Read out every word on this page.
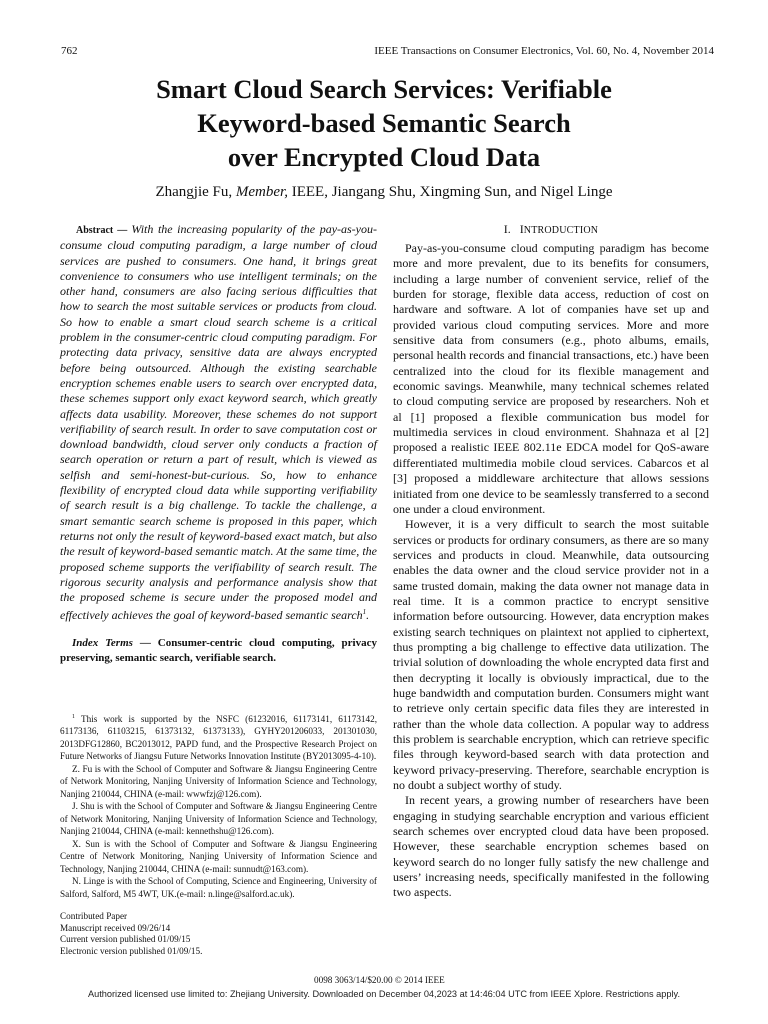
762	IEEE Transactions on Consumer Electronics, Vol. 60, No. 4, November 2014
Smart Cloud Search Services: Verifiable
Keyword-based Semantic Search
over Encrypted Cloud Data
Zhangjie Fu, Member, IEEE, Jiangang Shu, Xingming Sun, and Nigel Linge

Abstract — With the increasing popularity of the pay-as-you-consume cloud computing paradigm, a large number of cloud services are pushed to consumers. One hand, it brings great convenience to consumers who use intelligent terminals; on the other hand, consumers are also facing serious difficulties that how to search the most suitable services or products from cloud. So how to enable a smart cloud search scheme is a critical problem in the consumer-centric cloud computing paradigm. For protecting data privacy, sensitive data are always encrypted before being outsourced. Although the existing searchable encryption schemes enable users to search over encrypted data, these schemes support only exact keyword search, which greatly affects data usability. Moreover, these schemes do not support verifiability of search result. In order to save computation cost or download bandwidth, cloud server only conducts a fraction of search operation or return a part of result, which is viewed as selfish and semi-honest-but-curious. So, how to enhance flexibility of encrypted cloud data while supporting verifiability of search result is a big challenge. To tackle the challenge, a smart semantic search scheme is proposed in this paper, which returns not only the result of keyword-based exact match, but also the result of keyword-based semantic match. At the same time, the proposed scheme supports the verifiability of search result. The rigorous security analysis and performance analysis show that the proposed scheme is secure under the proposed model and effectively achieves the goal of keyword-based semantic search$^1$.

Index Terms — Consumer-centric cloud computing, privacy preserving, semantic search, verifiable search.

$^1$ This work is supported by the NSFC (61232016, 61173141, 61173142, 61173136, 61103215, 61373132, 61373133), GYHY201206033, 201301030, 2013DFG12860, BC2013012, PAPD fund, and the Prospective Research Project on Future Networks of Jiangsu Future Networks Innovation Institute (BY2013095-4-10).

Z. Fu is with the School of Computer and Software & Jiangsu Engineering Centre of Network Monitoring, Nanjing University of Information Science and Technology, Nanjing 210044, CHINA (e-mail: wwwfzj@126.com).

J. Shu is with the School of Computer and Software & Jiangsu Engineering Centre of Network Monitoring, Nanjing University of Information Science and Technology, Nanjing 210044, CHINA (e-mail: kennethshu@126.com).

X. Sun is with the School of Computer and Software & Jiangsu Engineering Centre of Network Monitoring, Nanjing University of Information Science and Technology, Nanjing 210044, CHINA (e-mail: sunnudt@163.com).

N. Linge is with the School of Computing, Science and Engineering, University of Salford, Salford, M5 4WT, UK.(e-mail: n.linge@salford.ac.uk).

Contributed Paper

Manuscript received 09/26/14

Current version published 01/09/15

Electronic version published 01/09/15.

I. INTRODUCTION

Pay-as-you-consume cloud computing paradigm has become more and more prevalent, due to its benefits for consumers, including a large number of convenient service, relief of the burden for storage, flexible data access, reduction of cost on hardware and software. A lot of companies have set up and provided various cloud computing services. More and more sensitive data from consumers (e.g., photo albums, emails, personal health records and financial transactions, etc.) have been centralized into the cloud for its flexible management and economic savings. Meanwhile, many technical schemes related to cloud computing service are proposed by researchers. Noh et al [1] proposed a flexible communication bus model for multimedia services in cloud environment. Shahnaza et al [2] proposed a realistic IEEE 802.11e EDCA model for QoS-aware differentiated multimedia mobile cloud services. Cabarcos et al [3] proposed a middleware architecture that allows sessions initiated from one device to be seamlessly transferred to a second one under a cloud environment.

However, it is a very difficult to search the most suitable services or products for ordinary consumers, as there are so many services and products in cloud. Meanwhile, data outsourcing enables the data owner and the cloud service provider not in a same trusted domain, making the data owner not manage data in real time. It is a common practice to encrypt sensitive information before outsourcing. However, data encryption makes existing search techniques on plaintext not applied to ciphertext, thus prompting a big challenge to effective data utilization. The trivial solution of downloading the whole encrypted data first and then decrypting it locally is obviously impractical, due to the huge bandwidth and computation burden. Consumers might want to retrieve only certain specific data files they are interested in rather than the whole data collection. A popular way to address this problem is searchable encryption, which can retrieve specific files through keyword-based search with data protection and keyword privacy-preserving. Therefore, searchable encryption is no doubt a subject worthy of study.

In recent years, a growing number of researchers have been engaging in studying searchable encryption and various efficient search schemes over encrypted cloud data have been proposed. However, these searchable encryption schemes based on keyword search do no longer fully satisfy the new challenge and users’ increasing needs, specifically manifested in the following two aspects.

0098 3063/14/$20.00 © 2014 IEEE
Authorized licensed use limited to: Zhejiang University. Downloaded on December 04,2023 at 14:46:04 UTC from IEEE Xplore. Restrictions apply.
